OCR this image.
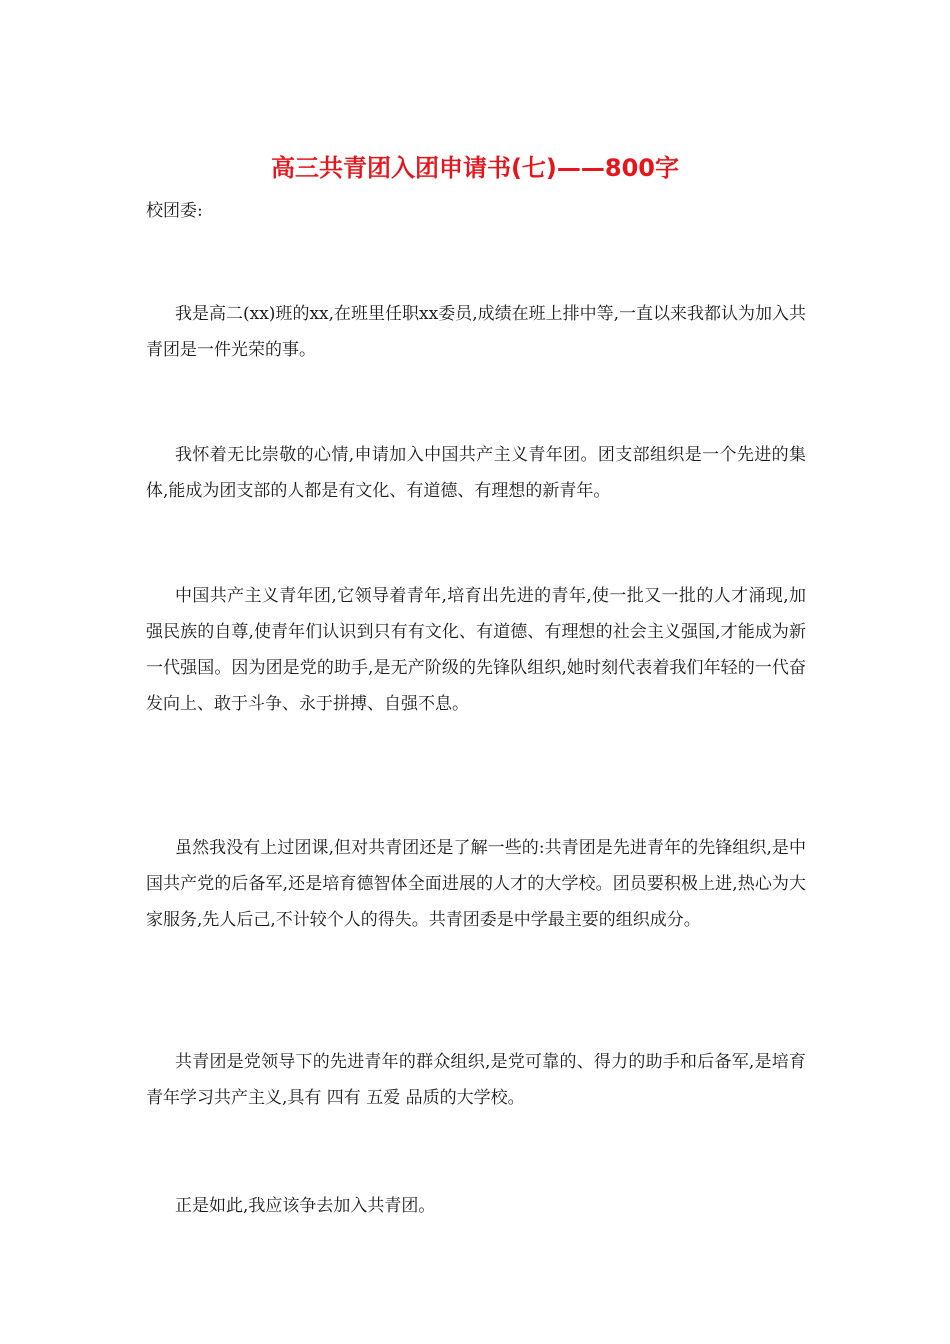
高三共青团入团申请书(七)——800字

校团委:

我是高二(xx)班的xx,在班里任职xx委员,成绩在班上排中等,一直以来我都认为加入共青团是一件光荣的事。

我怀着无比崇敬的心情,申请加入中国共产主义青年团。团支部组织是一个先进的集体,能成为团支部的人都是有文化、有道德、有理想的新青年。

中国共产主义青年团,它领导着青年,培育出先进的青年,使一批又一批的人才涌现,加强民族的自尊,使青年们认识到只有有文化、有道德、有理想的社会主义强国,才能成为新一代强国。因为团是党的助手,是无产阶级的先锋队组织,她时刻代表着我们年轻的一代奋发向上、敢于斗争、永于拼搏、自强不息。

虽然我没有上过团课,但对共青团还是了解一些的:共青团是先进青年的先锋组织,是中国共产党的后备军,还是培育德智体全面进展的人才的大学校。团员要积极上进,热心为大家服务,先人后己,不计较个人的得失。共青团委是中学最主要的组织成分。

共青团是党领导下的先进青年的群众组织,是党可靠的、得力的助手和后备军,是培育青年学习共产主义,具有 四有 五爱 品质的大学校。

正是如此,我应该争去加入共青团。
